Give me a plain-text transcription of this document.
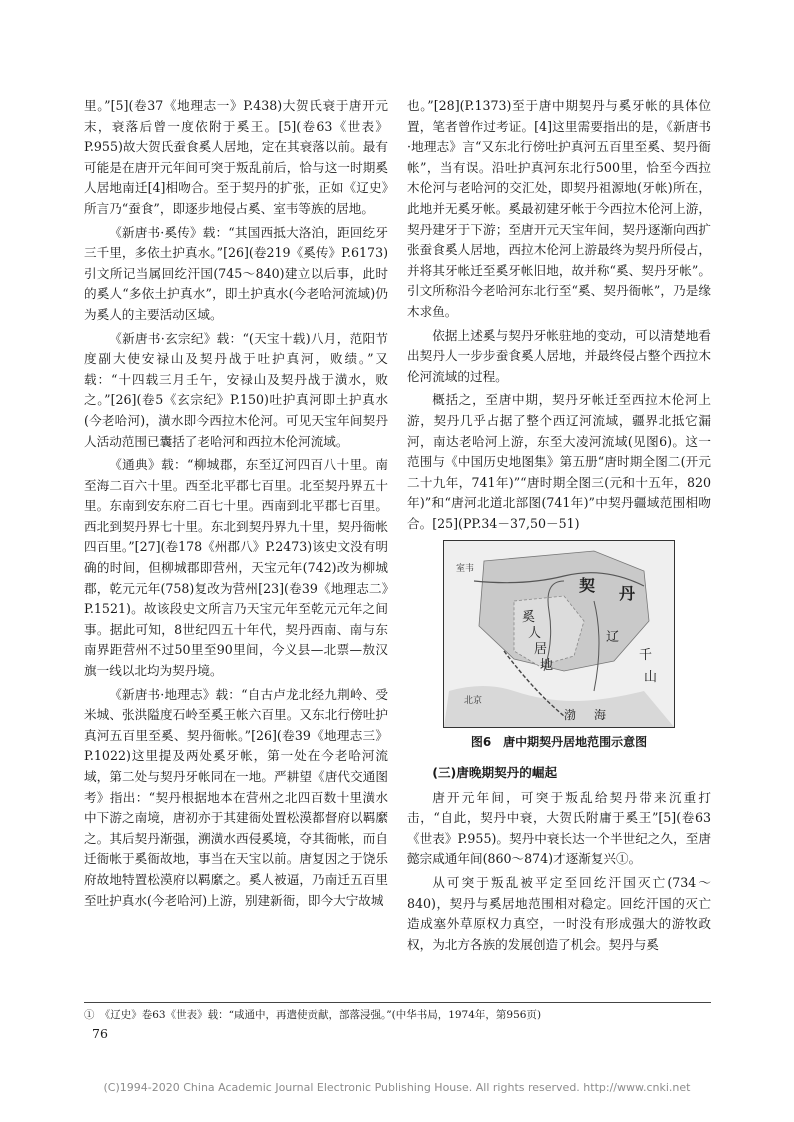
里。”[5](卷37《地理志一》P.438)大贺氏衰于唐开元末，衰落后曾一度依附于奚王。[5](卷63《世表》P.955)故大贺氏蚕食奚人居地，定在其衰落以前。最有可能是在唐开元年间可突于叛乱前后，恰与这一时期奚人居地南迁[4]相吻合。至于契丹的扩张，正如《辽史》所言乃“蚕食”，即逐步地侵占奚、室韦等族的居地。

《新唐书·奚传》载：“其国西抵大洛泊，距回纥牙三千里，多依土护真水。”[26](卷219《奚传》P.6173)引文所记当属回纥汗国(745～840)建立以后事，此时的奚人“多依土护真水”，即土护真水(今老哈河流域)仍为奚人的主要活动区域。

《新唐书·玄宗纪》载：“(天宝十载)八月，范阳节度副大使安禄山及契丹战于吐护真河，败绩。”又载：“十四载三月壬午，安禄山及契丹战于潢水，败之。”[26](卷5《玄宗纪》P.150)吐护真河即土护真水(今老哈河)，潢水即今西拉木伦河。可见天宝年间契丹人活动范围已囊括了老哈河和西拉木伦河流域。

《通典》载：“柳城郡，东至辽河四百八十里。南至海二百六十里。西至北平郡七百里。北至契丹界五十里。东南到安东府二百七十里。西南到北平郡七百里。西北到契丹界七十里。东北到契丹界九十里，契丹衙帐四百里。”[27](卷178《州郡八》P.2473)该史文没有明确的时间，但柳城郡即营州，天宝元年(742)改为柳城郡，乾元元年(758)复改为营州[23](卷39《地理志二》P.1521)。故该段史文所言乃天宝元年至乾元元年之间事。据此可知，8世纪四五十年代，契丹西南、南与东南界距营州不过50里至90里间，今义县—北票—敖汉旗一线以北均为契丹境。

《新唐书·地理志》载：“自古卢龙北经九荆岭、受米城、张洪隘度石岭至奚王帐六百里。又东北行傍吐护真河五百里至奚、契丹衙帐。”[26](卷39《地理志三》P.1022)这里提及两处奚牙帐，第一处在今老哈河流域，第二处与契丹牙帐同在一地。严耕望《唐代交通图考》指出：“契丹根据地本在营州之北四百数十里潢水中下游之南境，唐初亦于其建衙处置松漠都督府以羁縻之。其后契丹渐强，溯潢水西侵奚境，夺其衙帐，而自迁衙帐于奚衙故地，事当在天宝以前。唐复因之于饶乐府故地特置松漠府以羁縻之。奚人被逼，乃南迁五百里至吐护真水(今老哈河)上游，别建新衙，即今大宁故城

也。”[28](P.1373)至于唐中期契丹与奚牙帐的具体位置，笔者曾作过考证。[4]这里需要指出的是，《新唐书·地理志》言“又东北行傍吐护真河五百里至奚、契丹衙帐”，当有误。沿吐护真河东北行500里，恰至今西拉木伦河与老哈河的交汇处，即契丹祖源地(牙帐)所在，此地并无奚牙帐。奚最初建牙帐于今西拉木伦河上游，契丹建牙于下游；至唐开元天宝年间，契丹逐渐向西扩张蚕食奚人居地，西拉木伦河上游最终为契丹所侵占，并将其牙帐迁至奚牙帐旧地，故并称“奚、契丹牙帐”。引文所称沿今老哈河东北行至“奚、契丹衙帐”，乃是缘木求鱼。

依据上述奚与契丹牙帐驻地的变动，可以清楚地看出契丹人一步步蚕食奚人居地，并最终侵占整个西拉木伦河流域的过程。

概括之，至唐中期，契丹牙帐迁至西拉木伦河上游，契丹几乎占据了整个西辽河流域，疆界北抵它漏河，南达老哈河上游，东至大凌河流域(见图6)。这一范围与《中国历史地图集》第五册“唐时期全图二(开元二十九年，741年)”“唐时期全图三(元和十五年，820年)”和“唐河北道北部图(741年)”中契丹疆域范围相吻合。[25](PP.34－37,50－51)

契 丹
奚
人
居
地
室韦
辽
北京
千
山
渤 海
图6　唐中期契丹居地范围示意图
(三)唐晚期契丹的崛起

唐开元年间，可突于叛乱给契丹带来沉重打击，“自此，契丹中衰，大贺氏附庸于奚王”[5](卷63《世表》P.955)。契丹中衰长达一个半世纪之久，至唐懿宗咸通年间(860～874)才逐渐复兴①。

从可突于叛乱被平定至回纥汗国灭亡(734～840)，契丹与奚居地范围相对稳定。回纥汗国的灭亡造成塞外草原权力真空，一时没有形成强大的游牧政权，为北方各族的发展创造了机会。契丹与奚

①　《辽史》卷63《世表》载：“咸通中，再遣使贡献，部落浸强。”(中华书局，1974年，第956页)
76
(C)1994-2020 China Academic Journal Electronic Publishing House. All rights reserved. http://www.cnki.net
